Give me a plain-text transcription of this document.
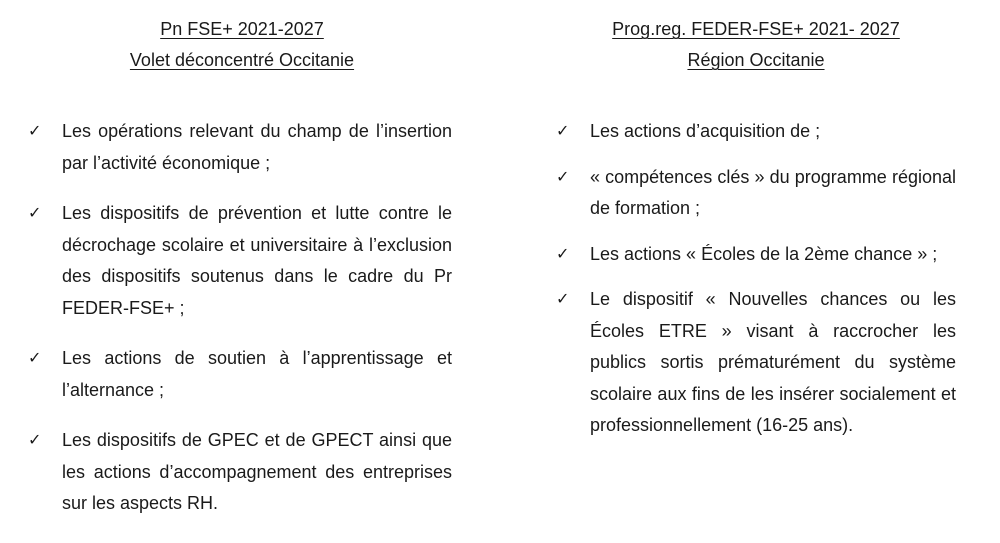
Pn FSE+ 2021-2027
Volet déconcentré Occitanie
✓ Les opérations relevant du champ de l’insertion par l’activité économique ;
✓ Les dispositifs de prévention et lutte contre le décrochage scolaire et universitaire à l’exclusion des dispositifs soutenus dans le cadre du Pr FEDER-FSE+ ;
✓ Les actions de soutien à l’apprentissage et l’alternance ;
✓ Les dispositifs de GPEC et de GPECT ainsi que les actions d’accompagnement des entreprises sur les aspects RH.
Prog.reg. FEDER-FSE+ 2021- 2027
Région Occitanie
✓ Les actions d’acquisition de ;
✓ « compétences clés » du programme régional de formation ;
✓ Les actions « Écoles de la 2ème chance » ;
✓ Le dispositif « Nouvelles chances ou les Écoles ETRE » visant à raccrocher les publics sortis prématurément du système scolaire aux fins de les insérer socialement et professionnellement (16-25 ans).
